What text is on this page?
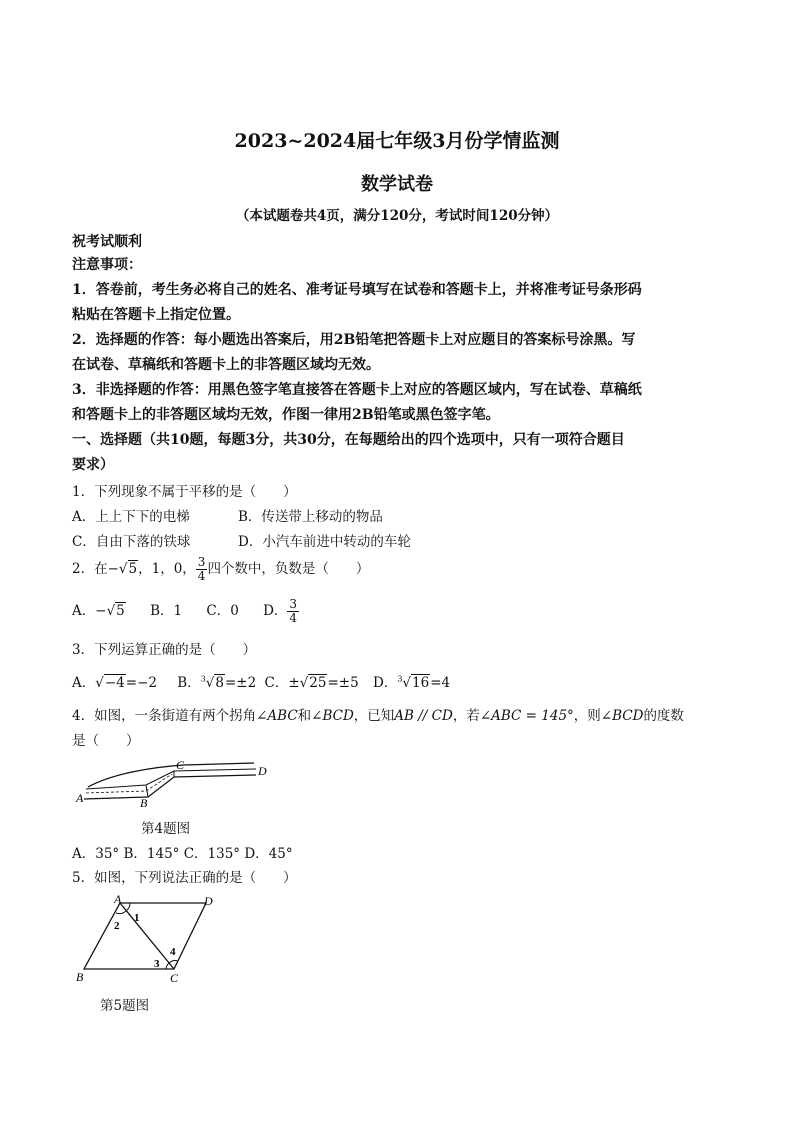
2023~2024届七年级3月份学情监测
数学试卷
（本试题卷共4页，满分120分，考试时间120分钟）
祝考试顺利
注意事项：
1．答卷前，考生务必将自己的姓名、准考证号填写在试卷和答题卡上，并将准考证号条形码
粘贴在答题卡上指定位置。
2．选择题的作答：每小题选出答案后，用2B铅笔把答题卡上对应题目的答案标号涂黑。写
在试卷、草稿纸和答题卡上的非答题区域均无效。
3．非选择题的作答：用黑色签字笔直接答在答题卡上对应的答题区域内，写在试卷、草稿纸
和答题卡上的非答题区域均无效，作图一律用2B铅笔或黑色签字笔。
一、选择题（共10题，每题3分，共30分，在每题给出的四个选项中，只有一项符合题目
要求）
1．下列现象不属于平移的是（　　）
A．上上下下的电梯	B．传送带上移动的物品
C．自由下落的铁球	D．小汽车前进中转动的车轮
2．在−√5，1，0， $\frac{3}{4}$ 四个数中，负数是（　　）
A．−√5 B．1 C．0 D． $\frac{3}{4}$
3．下列运算正确的是（　　）
A．√−4=−2 B．$^3$√8=±2 C．±√25=±5 D．$^3$√16=4
4．如图，一条街道有两个拐角∠ABC和∠BCD，已知AB // CD，若∠ABC = 145°，则∠BCD的度数
是（　　）
A	B
C	D
第4题图
A．35° B．145° C．135° D．45°
5．如图，下列说法正确的是（　　）
A	D
B	C
1
2
3
4
第5题图
